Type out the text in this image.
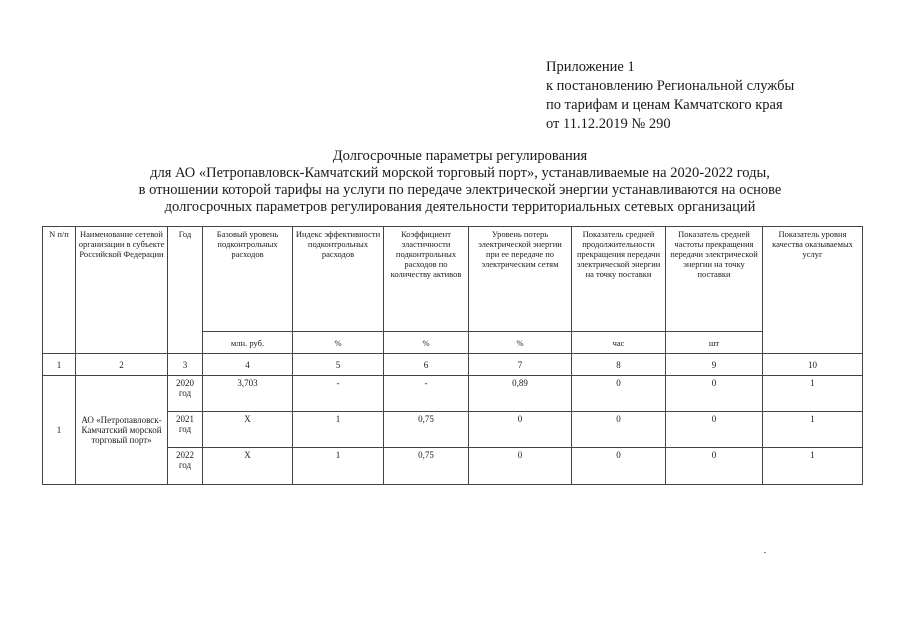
Приложение 1
к постановлению Региональной службы
по тарифам и ценам Камчатского края
от 11.12.2019 № 290
Долгосрочные параметры регулирования
для АО «Петропавловск-Камчатский морской торговый порт», устанавливаемые на 2020-2022 годы,
в отношении которой тарифы на услуги по передаче электрической энергии устанавливаются на основе
долгосрочных параметров регулирования деятельности территориальных сетевых организаций
N п/п	Наименование сетевой организации в субъекте Российской Федерации	Год	Базовый уровень подконтрольных расходов	Индекс эффективности подконтрольных расходов	Коэффициент эластичности подконтрольных расходов по количеству активов	Уровень потерь электрической энергии при ее передаче по электрическим сетям	Показатель средней продолжительности прекращения передачи электрической энергии на точку поставки	Показатель средней частоты прекращения передачи электрической энергии на точку поставки	Показатель уровня качества оказываемых услуг
			млн. руб.	%	%	%	час	шт	
1	2	3	4	5	6	7	8	9	10
1	АО «Петропавловск-Камчатский морской торговый порт»	2020 год	3,703	-	-	0,89	0	0	1
		2021 год	Х	1	0,75	0	0	0	1
		2022 год	Х	1	0,75	0	0	0	1
